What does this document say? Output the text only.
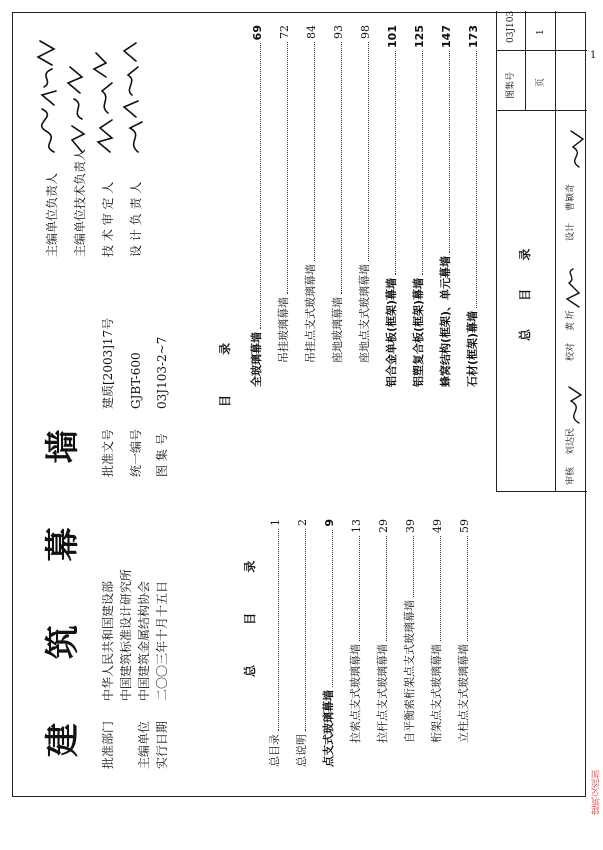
建 筑 幕 墙 批准部门
中华人民共和国建设部 中国建筑标准设计研究所
主编单位
中国建筑金属结构协会
实行日期
二〇〇三年十月十五日
批准文号
建质[2003]17号
统一编号
GJBT-600
图 集 号
03J103-2~7
主编单位负责人 主编单位技术负责人 技 术 审 定 人 设 计 负 责 人
总 目 录
总目录
1
总说明
2
点支式玻璃幕墙
9
拉索点支式玻璃幕墙
13
拉杆点支式玻璃幕墙
29
自平衡索桁架点支式玻璃幕墙
39
桁架点支式玻璃幕墙
49
立柱点支式玻璃幕墙
59
目 录 全玻璃幕墙
69
吊挂玻璃幕墙
72
吊挂点支式玻璃幕墙
84
座地玻璃幕墙
93
座地点支式玻璃幕墙
98
铝合金单板(框架)幕墙
101
铝塑复合板(框架)幕墙
125
蜂窝结构(框架)、单元幕墙
147
石材(框架)幕墙
173
总 目 录
图集号
03J103
页
1
审核
刘达民
校对
黄 圻
设计
曹颖奇
1
建筑交流加
